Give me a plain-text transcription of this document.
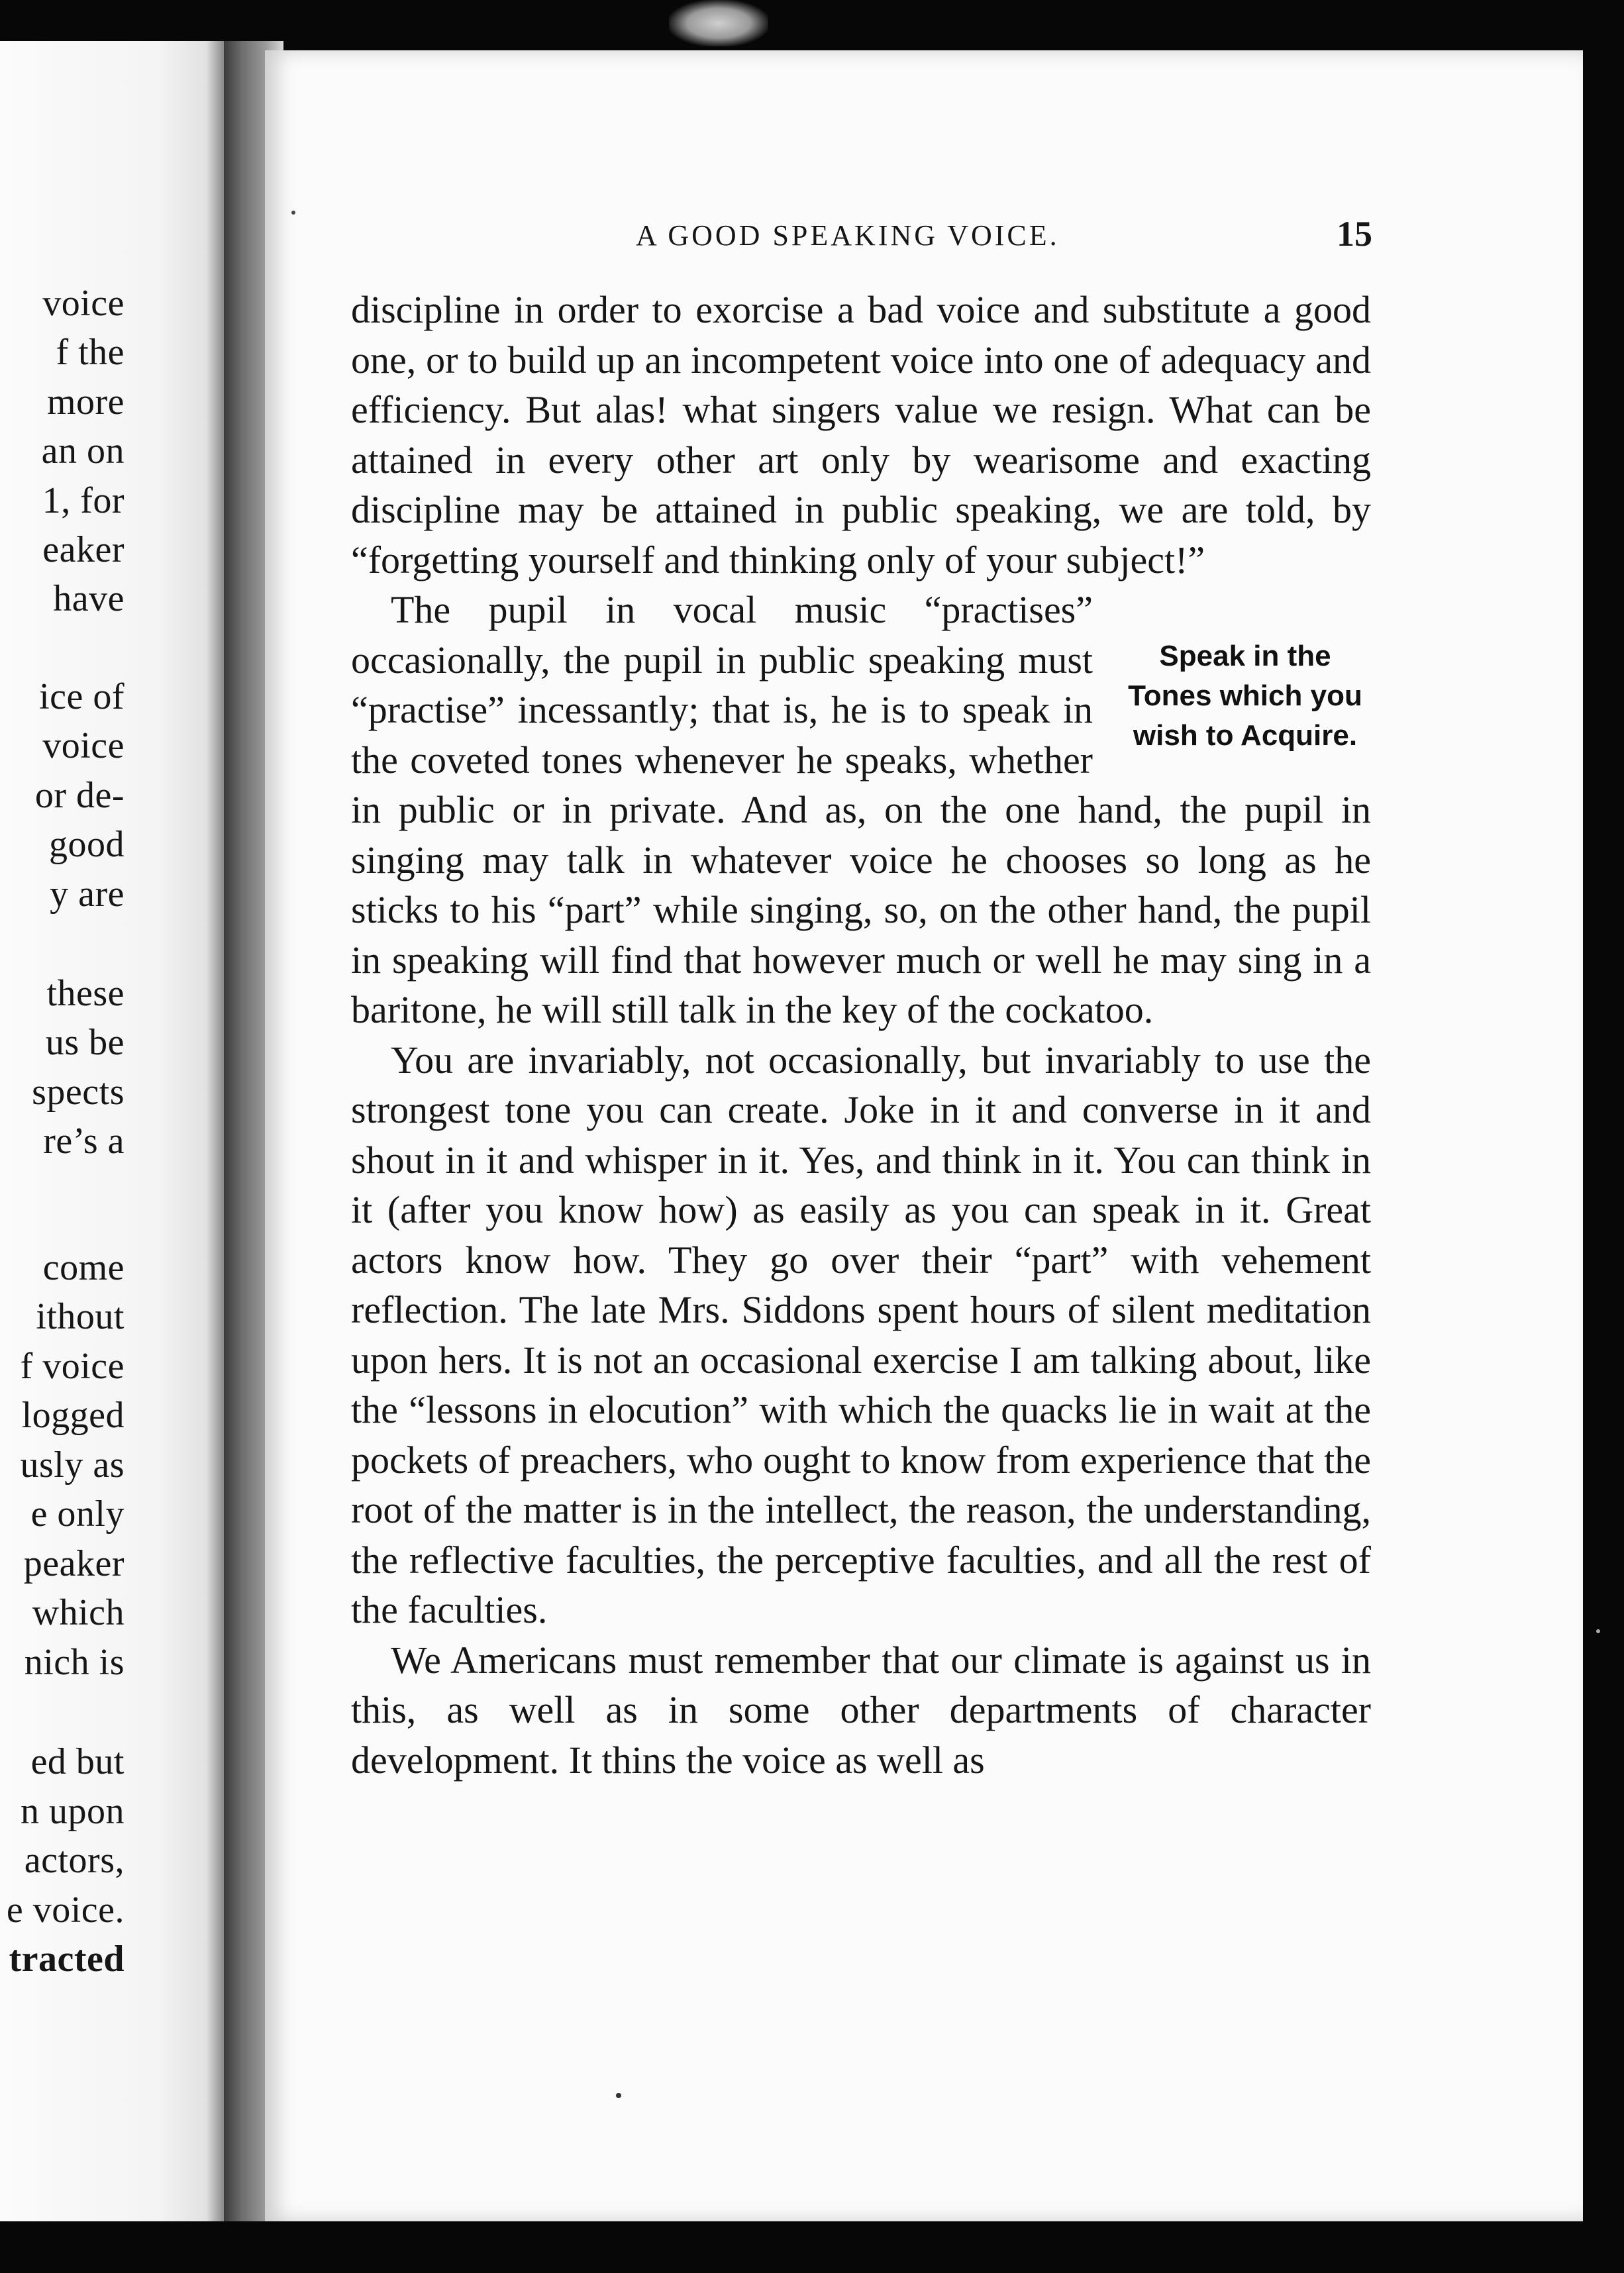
voice
f the
more
an on
1, for
eaker
have
ice of
voice
or de-
good
y are
these
us be
spects
re’s a
come
ithout
f voice
logged
usly as
e only
peaker
which
nich is
ed but
n upon
actors,
e voice.
tracted
A GOOD SPEAKING VOICE.	15

discipline in order to exorcise a bad voice and substitute a good one, or to build up an incompetent voice into one of adequacy and efficiency. But alas! what singers value we resign. What can be attained in every other art only by wearisome and exacting discipline may be attained in public speaking, we are told, by “forgetting yourself and thinking only of your subject!”

Speak in the Tones which you wish to Acquire.
The pupil in vocal music “practises” occasionally, the pupil in public speaking must “practise” incessantly; that is, he is to speak in the coveted tones whenever he speaks, whether in public or in private. And as, on the one hand, the pupil in singing may talk in whatever voice he chooses so long as he sticks to his “part” while singing, so, on the other hand, the pupil in speaking will find that however much or well he may sing in a baritone, he will still talk in the key of the cockatoo.

You are invariably, not occasionally, but invariably to use the strongest tone you can create. Joke in it and converse in it and shout in it and whisper in it. Yes, and think in it. You can think in it (after you know how) as easily as you can speak in it. Great actors know how. They go over their “part” with vehement reflection. The late Mrs. Siddons spent hours of silent meditation upon hers. It is not an occasional exercise I am talking about, like the “lessons in elocution” with which the quacks lie in wait at the pockets of preachers, who ought to know from experience that the root of the matter is in the intellect, the reason, the understanding, the reflective faculties, the perceptive faculties, and all the rest of the faculties.

We Americans must remember that our climate is against us in this, as well as in some other departments of character development. It thins the voice as well as
